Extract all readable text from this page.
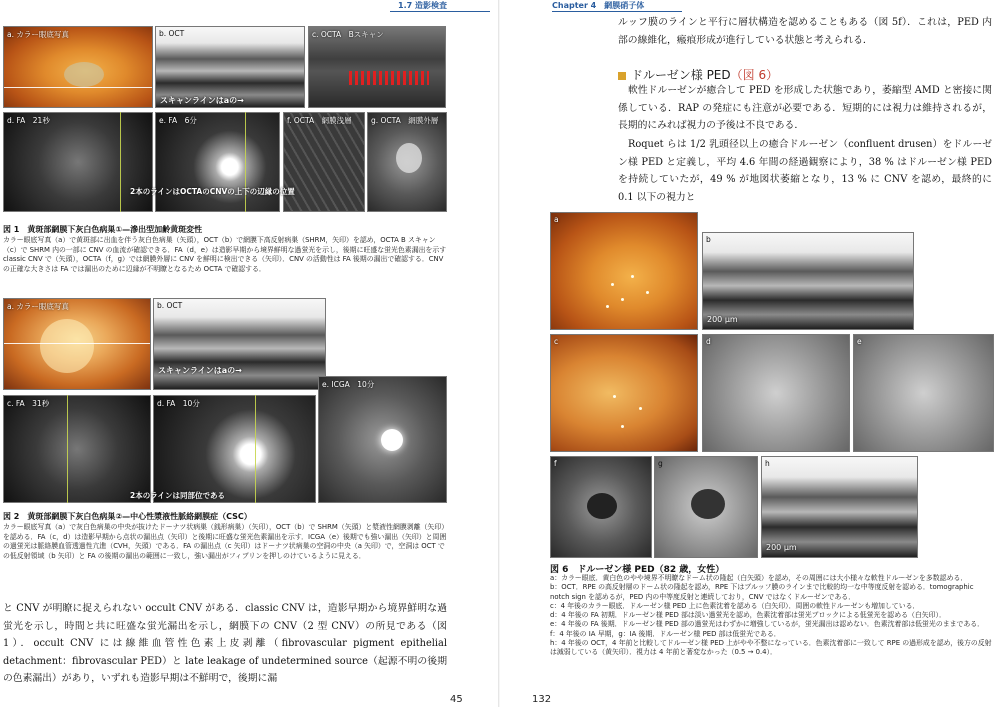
1.7 造影検査
a. カラー眼底写真	b. OCT
スキャンラインはaの→
c. OCTA　Bスキャン
d. FA　21秒	e. FA　6分	f. OCTA　網膜浅層	g. OCTA　網膜外層
2本のラインはOCTAのCNVの上下の辺縁の位置
図 1　黄斑部網膜下灰白色病巣①—滲出型加齢黄斑変性

カラー眼底写真（a）で黄斑部に出血を伴う灰白色病巣（矢頭），OCT（b）で網膜下高反射病巣（SHRM，矢印）を認め，OCTA B スキャン（c）で SHRM 内の一部に CNV の血流が確認できる．FA（d，e）は造影早期から境界鮮明な過蛍光を示し，後期に旺盛な蛍光色素漏出を示す classic CNV で（矢頭），OCTA（f，g）では網膜外層に CNV を鮮明に検出できる（矢印）．CNV の活動性は FA 後期の漏出で確認する．CNV の正確な大きさは FA では漏出のために辺縁が不明瞭となるため OCTA で確認する．

a. カラー眼底写真	b. OCT
スキャンラインはaの→
c. FA　31秒	d. FA　10分
e. ICGA　10分
2本のラインは同部位である
図 2　黄斑部網膜下灰白色病巣②—中心性漿液性脈絡網膜症（CSC）

カラー眼底写真（a）で灰白色病巣の中央が抜けたドーナツ状病巣（銭形病巣）（矢印），OCT（b）で SHRM（矢頭）と漿液性網膜剥離（矢印）を認める．FA（c，d）は造影早期から点状の漏出点（矢印）と後期に旺盛な蛍光色素漏出を示す．ICGA（e）後期でも強い漏出（矢印）と周囲の過蛍光は脈絡膜血管透過性亢進（CVH，矢頭）である．FA の漏出点（c 矢印）はドーナツ状病巣の空洞の中央（a 矢印）で，空洞は OCT での低反射領域（b 矢印）と FA の後期の漏出の範囲に一致し，強い漏出がフィブリンを押しのけているように見える．

と CNV が明瞭に捉えられない occult CNV がある．classic CNV は，造影早期から境界鮮明な過蛍光を示し，時間と共に旺盛な蛍光漏出を示し，網膜下の CNV（2 型 CNV）の所見である（図 1）．occult CNV には線維血管性色素上皮剥離（fibrovascular pigment epithelial detachment：fibrovascular PED）と late leakage of undetermined source（起源不明の後期の色素漏出）があり，いずれも造影早期は不鮮明で，後期に漏

45
Chapter 4　網膜硝子体

ルッフ膜のラインと平行に層状構造を認めることもある（図 5f）．これは，PED 内部の線維化，瘢痕形成が進行している状態と考えられる．

ドルーゼン様 PED（図 6）

軟性ドルーゼンが癒合して PED を形成した状態であり，萎縮型 AMD と密接に関係している．RAP の発症にも注意が必要である．短期的には視力は維持されるが，長期的にみれば視力の予後は不良である．

Roquet らは 1/2 乳頭径以上の癒合ドルーゼン（confluent drusen）をドルーゼン様 PED と定義し，平均 4.6 年間の経過観察により，38 % はドルーゼン様 PED を持続していたが，49 % が地図状萎縮となり，13 % に CNV を認め，最終的に 0.1 以下の視力と

a
b
200 μm
c	d	e
f	g	h
200 μm
図 6　ドルーゼン様 PED（82 歳，女性）

a：カラー眼底．黄白色のやや境界不明瞭なドーム状の隆起（白矢頭）を認め，その周囲には大小様々な軟性ドルーゼンを多数認める．

b：OCT．RPE の高反射層のドーム状の隆起を認め，RPE 下はブルッフ膜のラインまで比較的均一な中等度反射を認める．tomographic notch sign を認めるが，PED 内の中等度反射と連続しており，CNV ではなくドルーゼンである．

c：4 年後のカラー眼底．ドルーゼン様 PED 上に色素沈着を認める（白矢印）．周囲の軟性ドルーゼンも増加している．

d：4 年後の FA 初期．ドルーゼン様 PED 部は淡い過蛍光を認め，色素沈着部は蛍光ブロックによる低蛍光を認める（白矢印）．

e：4 年後の FA 後期．ドルーゼン様 PED 部の過蛍光はわずかに増強しているが，蛍光漏出は認めない．色素沈着部は低蛍光のままである．

f：4 年後の IA 早期，g：IA 後期．ドルーゼン様 PED 部は低蛍光である．

h：4 年後の OCT，4 年前と比較してドルーゼン様 PED 上がやや不整になっている．色素沈着部に一致して RPE の過形成を認め，後方の反射は減弱している（黄矢印）．視力は 4 年前と著変なかった（0.5 → 0.4）．

132
